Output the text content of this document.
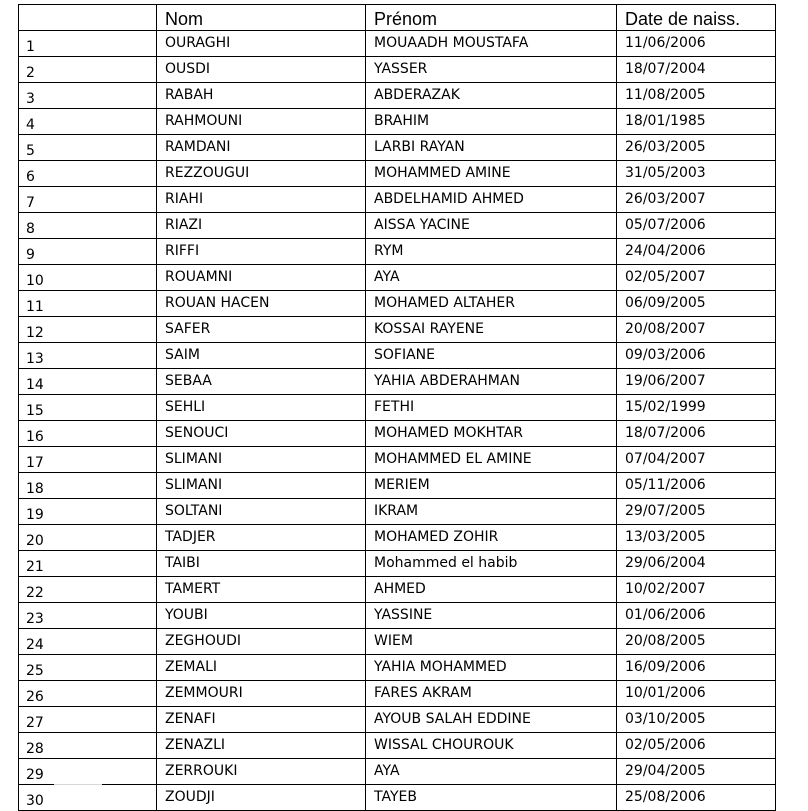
	Nom	Prénom	Date de naiss.
1	OURAGHI	MOUAADH MOUSTAFA	11/06/2006
2	OUSDI	YASSER	18/07/2004
3	RABAH	ABDERAZAK	11/08/2005
4	RAHMOUNI	BRAHIM	18/01/1985
5	RAMDANI	LARBI RAYAN	26/03/2005
6	REZZOUGUI	MOHAMMED AMINE	31/05/2003
7	RIAHI	ABDELHAMID AHMED	26/03/2007
8	RIAZI	AISSA YACINE	05/07/2006
9	RIFFI	RYM	24/04/2006
10	ROUAMNI	AYA	02/05/2007
11	ROUAN HACEN	MOHAMED ALTAHER	06/09/2005
12	SAFER	KOSSAI RAYENE	20/08/2007
13	SAIM	SOFIANE	09/03/2006
14	SEBAA	YAHIA ABDERAHMAN	19/06/2007
15	SEHLI	FETHI	15/02/1999
16	SENOUCI	MOHAMED MOKHTAR	18/07/2006
17	SLIMANI	MOHAMMED EL AMINE	07/04/2007
18	SLIMANI	MERIEM	05/11/2006
19	SOLTANI	IKRAM	29/07/2005
20	TADJER	MOHAMED ZOHIR	13/03/2005
21	TAIBI	Mohammed el habib	29/06/2004
22	TAMERT	AHMED	10/02/2007
23	YOUBI	YASSINE	01/06/2006
24	ZEGHOUDI	WIEM	20/08/2005
25	ZEMALI	YAHIA MOHAMMED	16/09/2006
26	ZEMMOURI	FARES AKRAM	10/01/2006
27	ZENAFI	AYOUB SALAH EDDINE	03/10/2005
28	ZENAZLI	WISSAL CHOUROUK	02/05/2006
29	ZERROUKI	AYA	29/04/2005
30	ZOUDJI	TAYEB	25/08/2006
